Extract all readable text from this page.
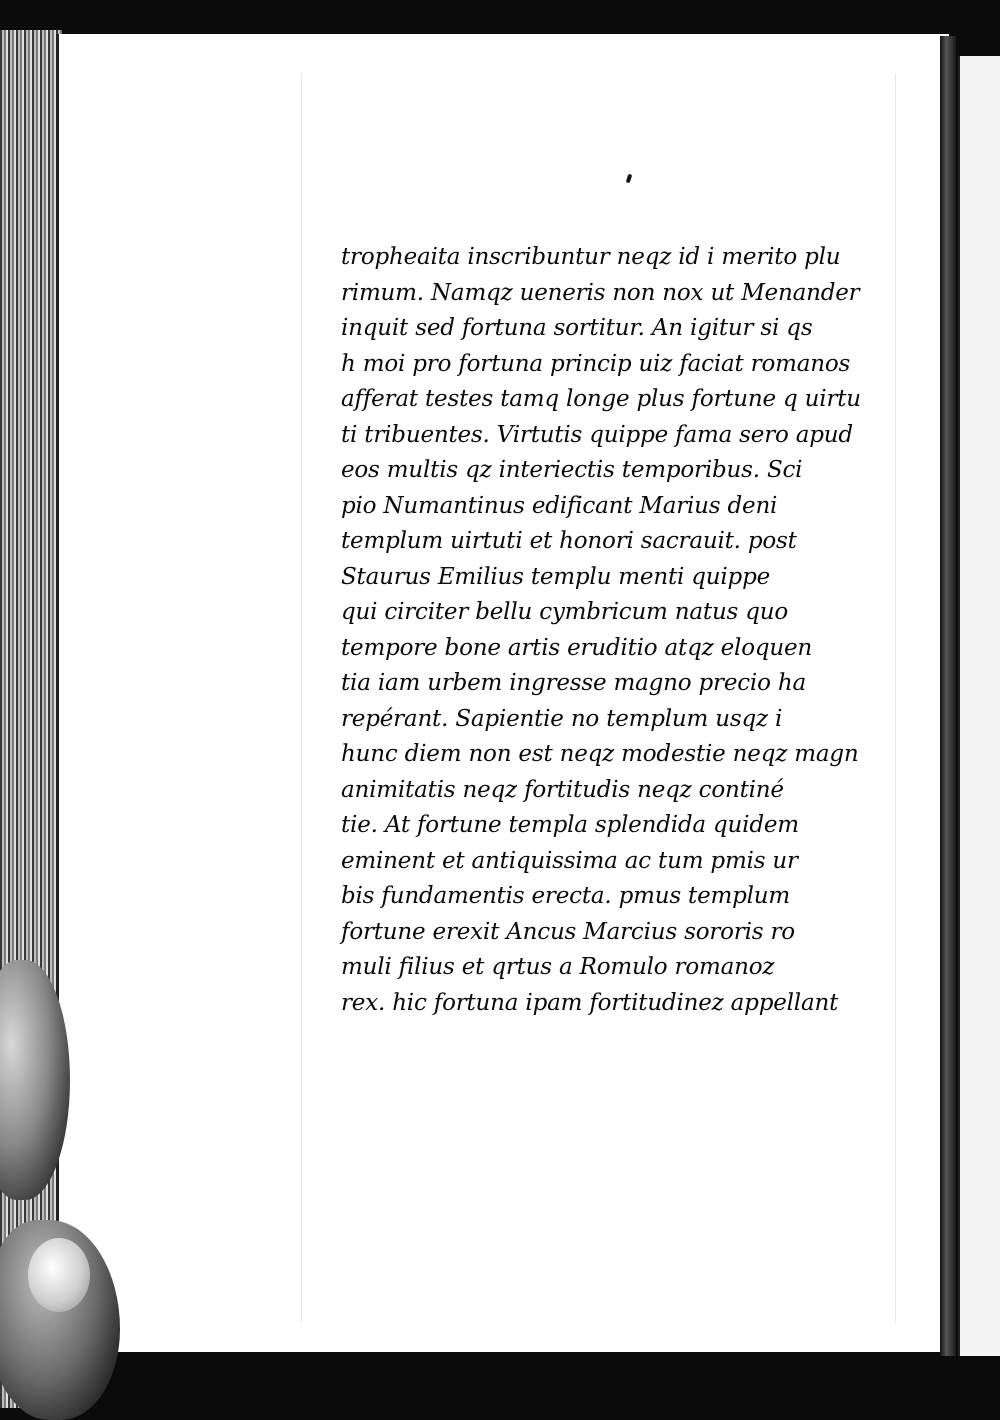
tropheaita inscribuntur neqz id i merito plu
rimum. Namqz ueneris non nox ut Menander
inquit sed fortuna sortitur. An igitur si qs
h moi pro fortuna princip uiz faciat romanos
afferat testes tamq longe plus fortune q uirtu
ti tribuentes. Virtutis quippe fama sero apud
eos multis qz interiectis temporibus. Sci
pio Numantinus edificant Marius deni
templum uirtuti et honori sacrauit. post
Staurus Emilius templu menti quippe
qui circiter bellu cymbricum natus quo
tempore bone artis eruditio atqz eloquen
tia iam urbem ingresse magno precio ha
repérant. Sapientie no templum usqz i
hunc diem non est neqz modestie neqz magn
animitatis neqz fortitudis neqz continé
tie. At fortune templa splendida quidem
eminent et antiquissima ac tum pmis ur
bis fundamentis erecta. pmus templum
fortune erexit Ancus Marcius sororis ro
muli filius et qrtus a Romulo romanoz
rex. hic fortuna ipam fortitudinez appellant
